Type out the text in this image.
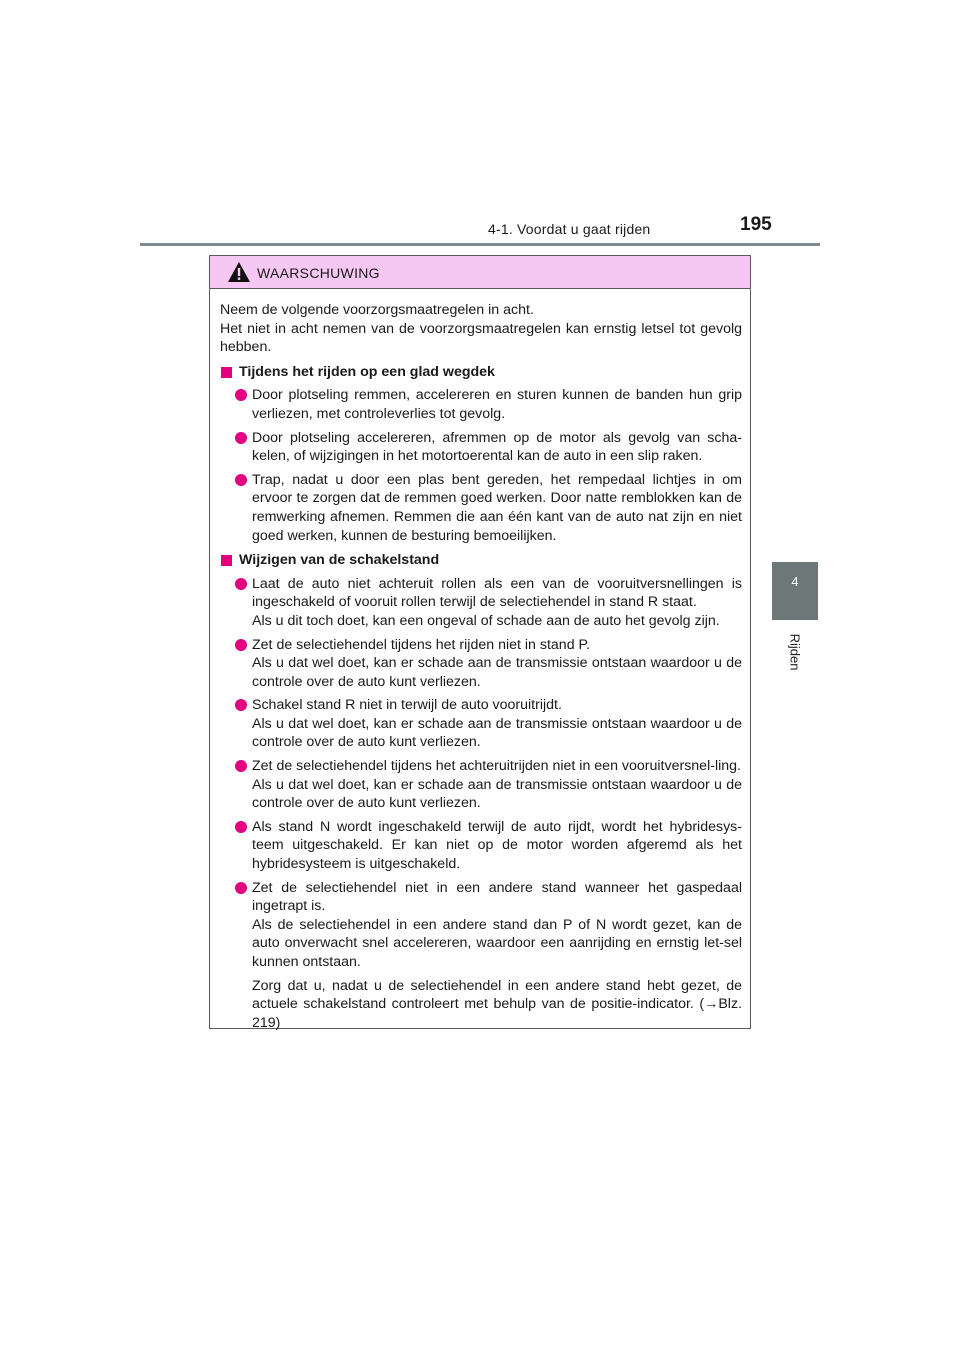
4-1. Voordat u gaat rijden	195
4
Rijden
WAARSCHUWING

Neem de volgende voorzorgsmaatregelen in acht.

Het niet in acht nemen van de voorzorgsmaatregelen kan ernstig letsel tot gevolg hebben.

Tijdens het rijden op een glad wegdek

Door plotseling remmen, accelereren en sturen kunnen de banden hun grip verliezen, met controleverlies tot gevolg.

Door plotseling accelereren, afremmen op de motor als gevolg van scha-kelen, of wijzigingen in het motortoerental kan de auto in een slip raken.

Trap, nadat u door een plas bent gereden, het rempedaal lichtjes in om ervoor te zorgen dat de remmen goed werken. Door natte remblokken kan de remwerking afnemen. Remmen die aan één kant van de auto nat zijn en niet goed werken, kunnen de besturing bemoeilijken.

Wijzigen van de schakelstand

Laat de auto niet achteruit rollen als een van de vooruitversnellingen is ingeschakeld of vooruit rollen terwijl de selectiehendel in stand R staat.

Als u dit toch doet, kan een ongeval of schade aan de auto het gevolg zijn.

Zet de selectiehendel tijdens het rijden niet in stand P.

Als u dat wel doet, kan er schade aan de transmissie ontstaan waardoor u de controle over de auto kunt verliezen.

Schakel stand R niet in terwijl de auto vooruitrijdt.

Als u dat wel doet, kan er schade aan de transmissie ontstaan waardoor u de controle over de auto kunt verliezen.

Zet de selectiehendel tijdens het achteruitrijden niet in een vooruitversnel-ling.

Als u dat wel doet, kan er schade aan de transmissie ontstaan waardoor u de controle over de auto kunt verliezen.

Als stand N wordt ingeschakeld terwijl de auto rijdt, wordt het hybridesys-teem uitgeschakeld. Er kan niet op de motor worden afgeremd als het hybridesysteem is uitgeschakeld.

Zet de selectiehendel niet in een andere stand wanneer het gaspedaal ingetrapt is.

Als de selectiehendel in een andere stand dan P of N wordt gezet, kan de auto onverwacht snel accelereren, waardoor een aanrijding en ernstig let-sel kunnen ontstaan.

Zorg dat u, nadat u de selectiehendel in een andere stand hebt gezet, de actuele schakelstand controleert met behulp van de positie-indicator. (→Blz. 219)
